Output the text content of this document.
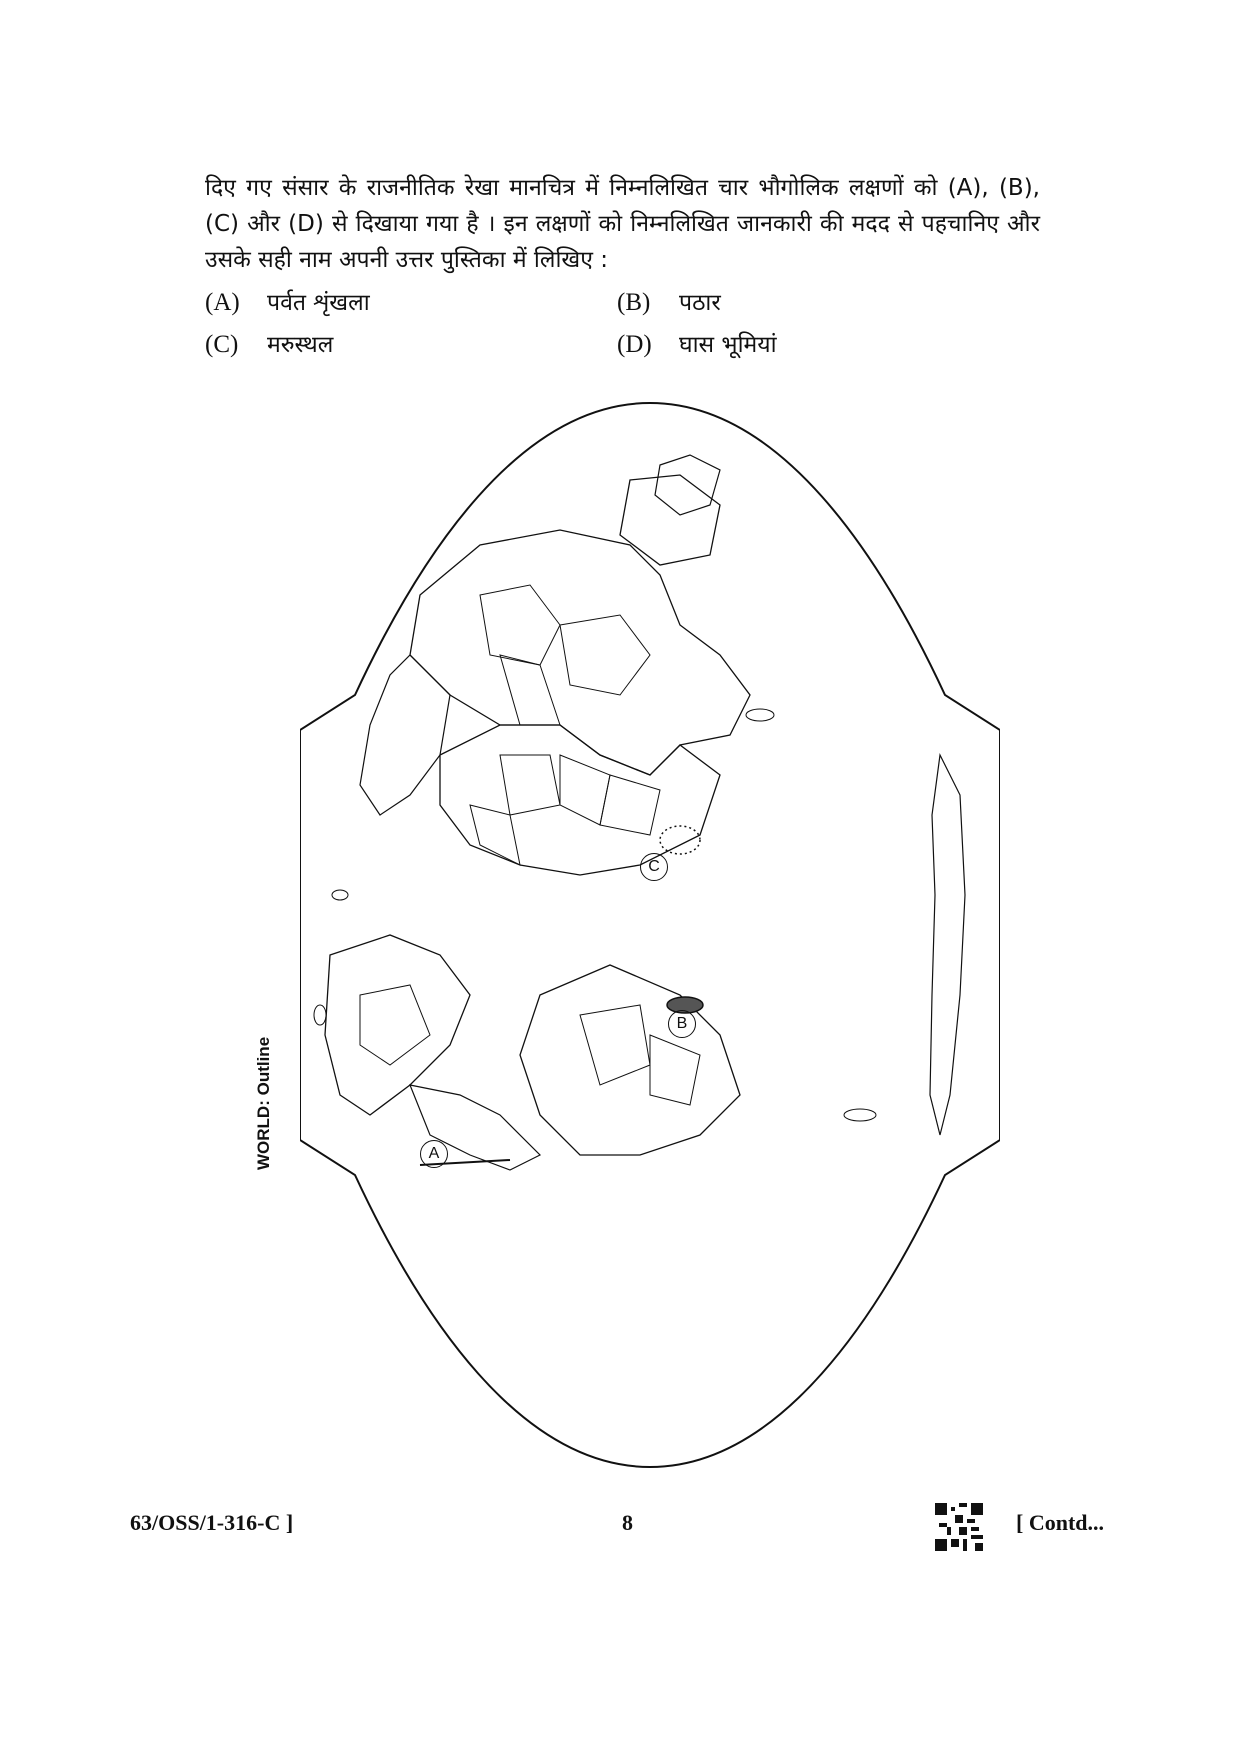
दिए गए संसार के राजनीतिक रेखा मानचित्र में निम्नलिखित चार भौगोलिक लक्षणों को (A), (B), (C) और (D) से दिखाया गया है । इन लक्षणों को निम्नलिखित जानकारी की मदद से पहचानिए और उसके सही नाम अपनी उत्तर पुस्तिका में लिखिए :
(A)	पर्वत शृंखला	(B)	पठार
(C)	मरुस्थल	(D)	घास भूमियां
C
B
A
WORLD: Outline
63/OSS/1-316-C ]	8	[ Contd...
